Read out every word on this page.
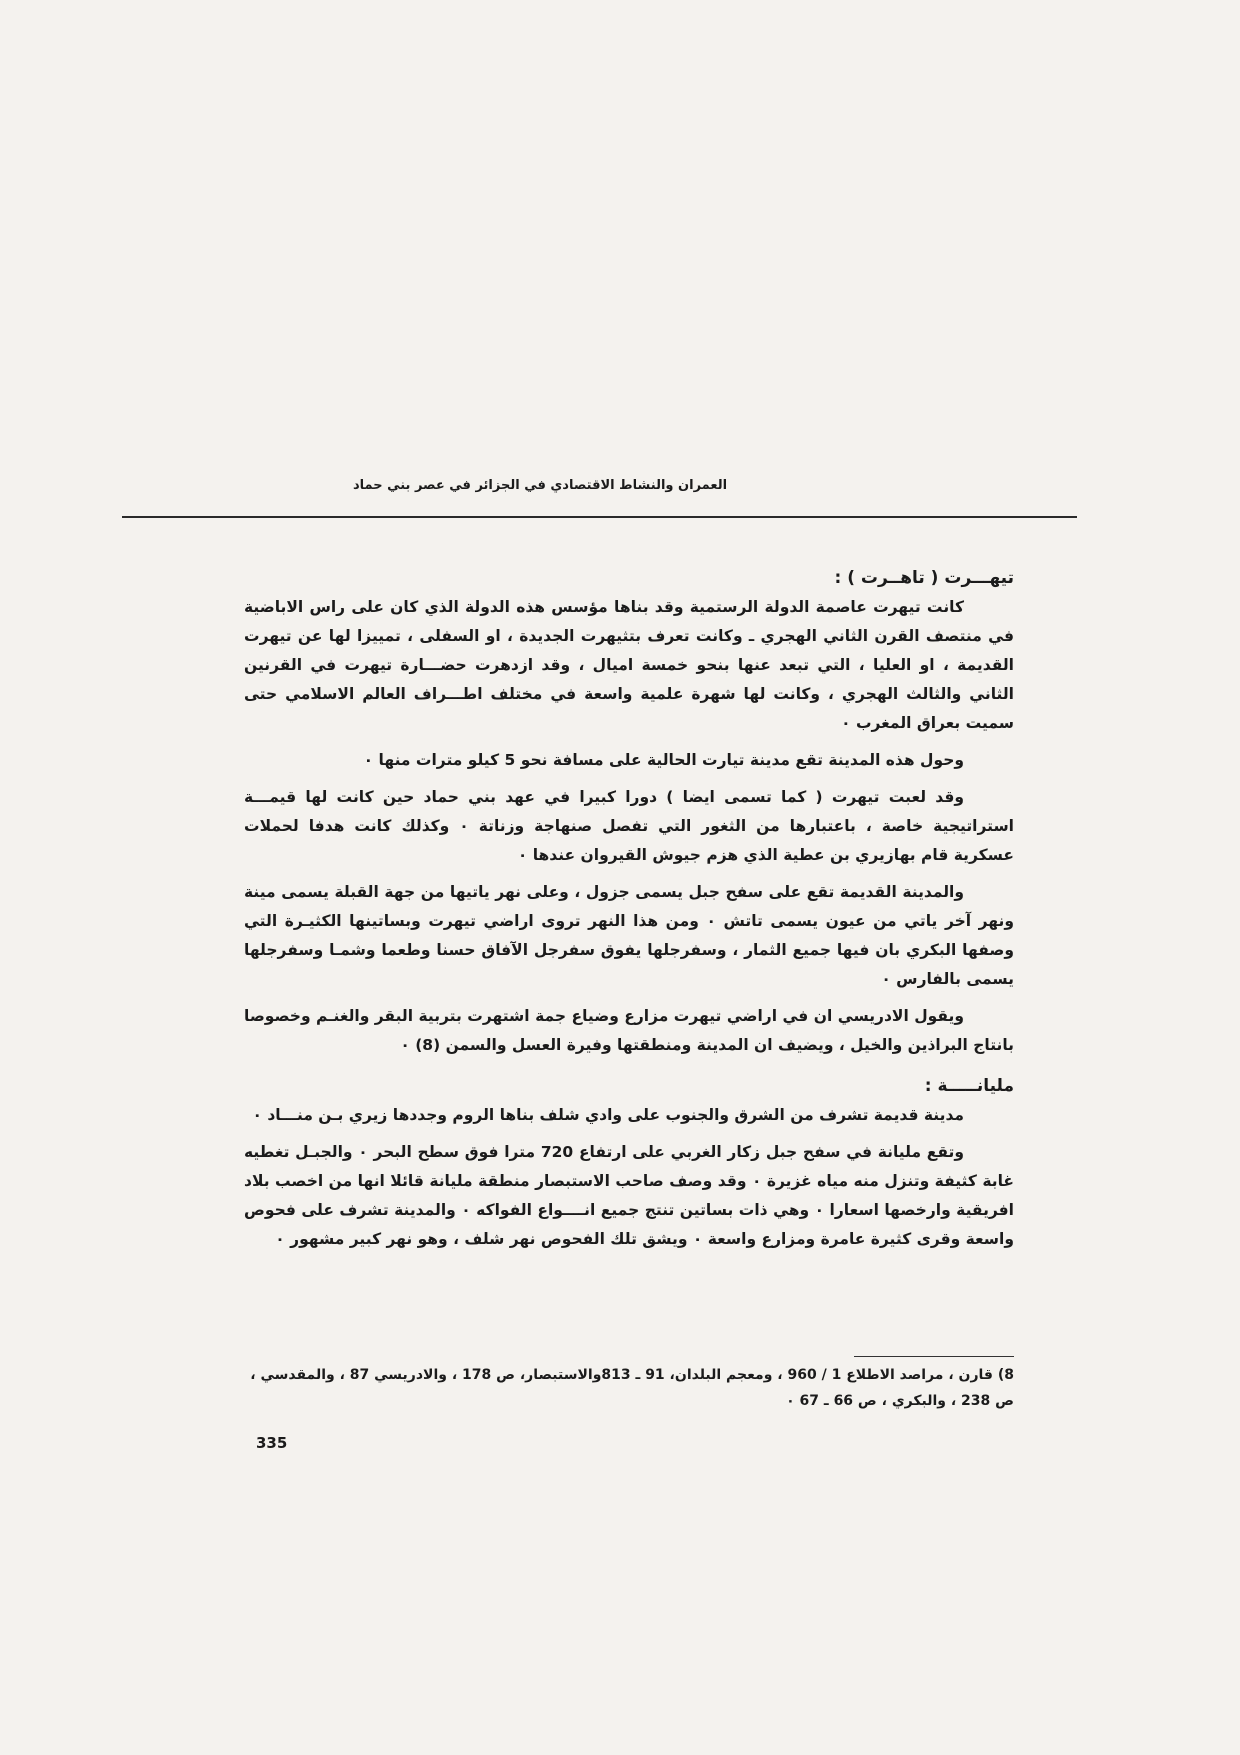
العمران والنشاط الاقتصادي في الجزائر في عصر بني حماد
تيهـــرت ( تاهــرت ) :

كانت تيهرت عاصمة الدولة الرستمية وقد بناها مؤسس هذه الدولة الذي كان على راس الاباضية في منتصف القرن الثاني الهجري ـ وكانت تعرف بتثيهرت الجديدة ، او السفلى ، تمييزا لها عن تيهرت القديمة ، او العليا ، التي تبعد عنها بنحو خمسة اميال ، وقد ازدهرت حضـــارة تيهرت في القرنين الثاني والثالث الهجري ، وكانت لها شهرة علمية واسعة في مختلف اطـــراف العالم الاسلامي حتى سميت بعراق المغرب ٠

وحول هذه المدينة تقع مدينة تيارت الحالية على مسافة نحو 5 كيلو مترات منها ٠

وقد لعبت تيهرت ( كما تسمى ايضا ) دورا كبيرا في عهد بني حماد حين كانت لها قيمـــة استراتيجية خاصة ، باعتبارها من الثغور التي تفصل صنهاجة وزناتة ٠ وكذلك كانت هدفا لحملات عسكرية قام بهازيري بن عطية الذي هزم جيوش القيروان عندها ٠

والمدينة القديمة تقع على سفح جبل يسمى جزول ، وعلى نهر ياتيها من جهة القبلة يسمى مينة ونهر آخر ياتي من عيون يسمى تاتش ٠ ومن هذا النهر تروى اراضي تيهرت وبساتينها الكثيـرة التي وصفها البكري بان فيها جميع الثمار ، وسفرجلها يفوق سفرجل الآفاق حسنا وطعما وشمـا وسفرجلها يسمى بالفارس ٠

ويقول الادريسي ان في اراضي تيهرت مزارع وضياع جمة اشتهرت بتربية البقر والغنـم وخصوصا بانتاج البراذين والخيل ، ويضيف ان المدينة ومنطقتها وفيرة العسل والسمن (8) ٠

مليانـــــة :

مدينة قديمة تشرف من الشرق والجنوب على وادي شلف بناها الروم وجددها زيري بـن منـــاد ٠

وتقع مليانة في سفح جبل زكار الغربي على ارتفاع 720 مترا فوق سطح البحر ٠ والجبـل تغطيه غابة كثيفة وتنزل منه مياه غزيرة ٠ وقد وصف صاحب الاستبصار منطقة مليانة قائلا انها من اخصب بلاد افريقية وارخصها اسعارا ٠ وهي ذات بساتين تنتج جميع انــــواع الفواكه ٠ والمدينة تشرف على فحوص واسعة وقرى كثيرة عامرة ومزارع واسعة ٠ ويشق تلك الفحوص نهر شلف ، وهو نهر كبير مشهور ٠

8) قارن ، مراصد الاطلاع 1 / 960 ، ومعجم البلدان، 91 ـ 813والاستبصار، ص 178 ، والادريسي 87 ، والمقدسي ، ص 238 ، والبكري ، ص 66 ـ 67 ٠

335
